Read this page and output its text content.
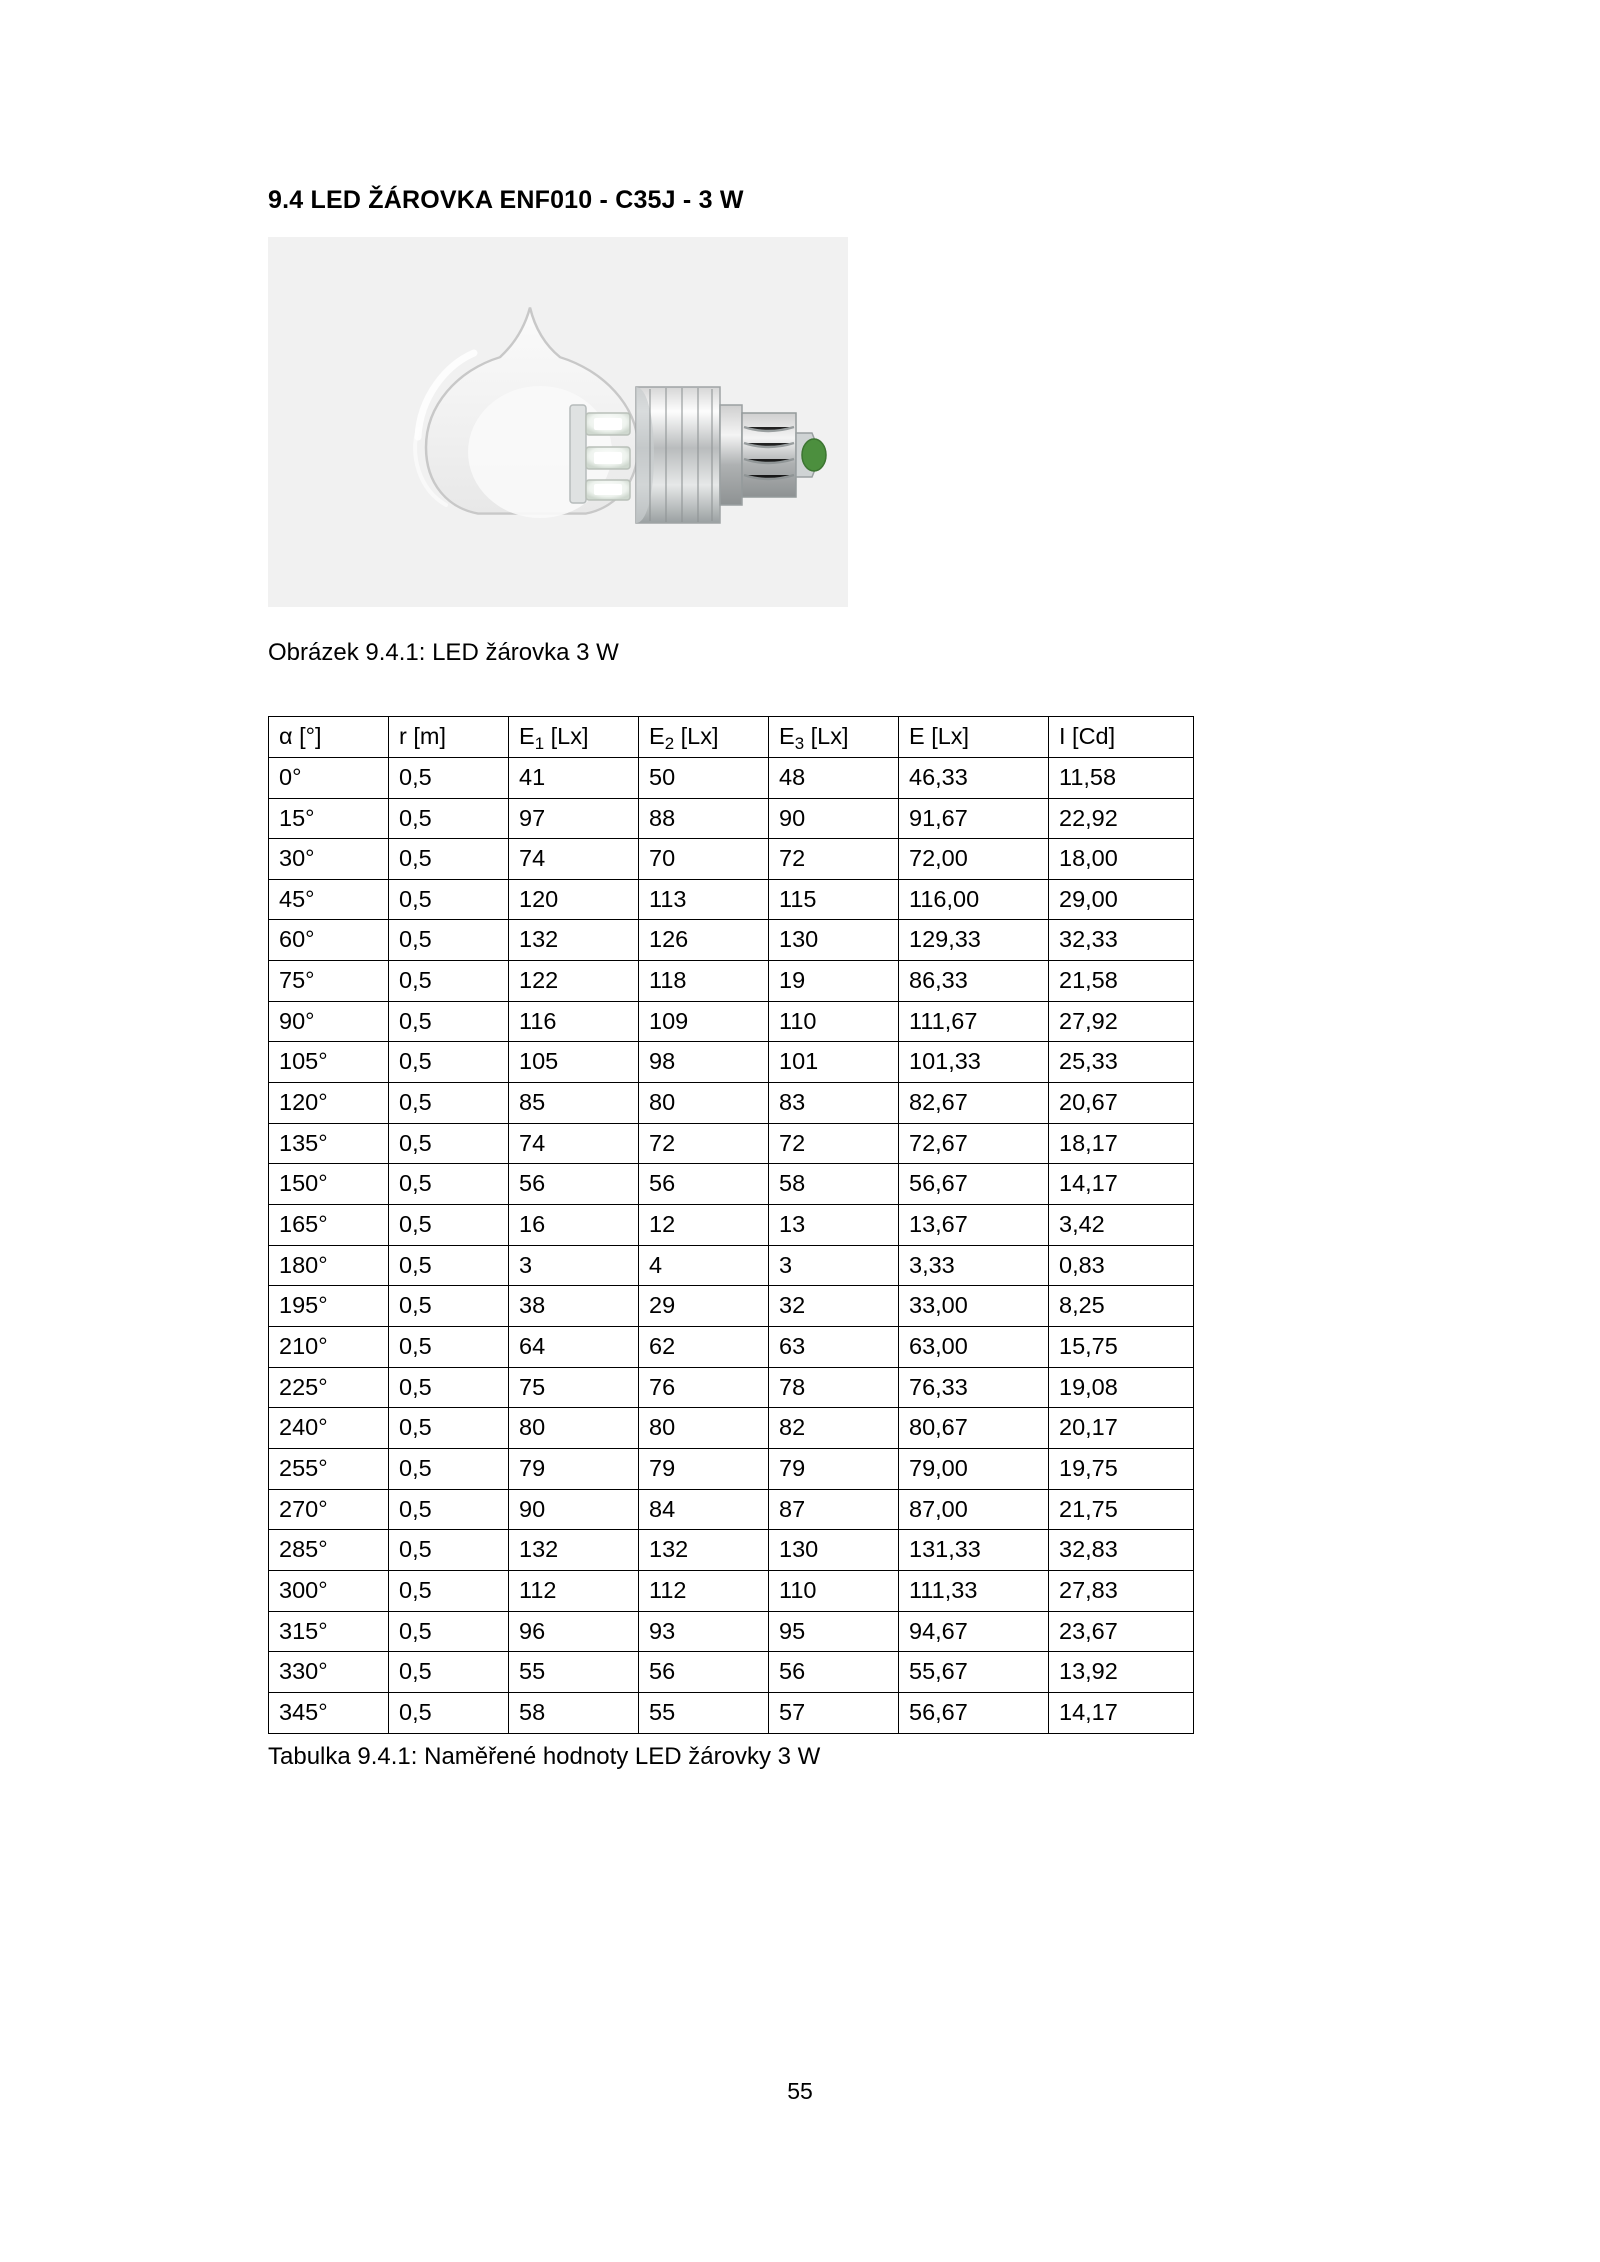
9.4 LED ŽÁROVKA ENF010 - C35J - 3 W

Obrázek 9.4.1: LED žárovka 3 W

α [°]	r [m]	$E_1$ [Lx]	$E_2$ [Lx]	$E_3$ [Lx]	E [Lx]	I [Cd]
0°	0,5	41	50	48	46,33	11,58
15°	0,5	97	88	90	91,67	22,92
30°	0,5	74	70	72	72,00	18,00
45°	0,5	120	113	115	116,00	29,00
60°	0,5	132	126	130	129,33	32,33
75°	0,5	122	118	19	86,33	21,58
90°	0,5	116	109	110	111,67	27,92
105°	0,5	105	98	101	101,33	25,33
120°	0,5	85	80	83	82,67	20,67
135°	0,5	74	72	72	72,67	18,17
150°	0,5	56	56	58	56,67	14,17
165°	0,5	16	12	13	13,67	3,42
180°	0,5	3	4	3	3,33	0,83
195°	0,5	38	29	32	33,00	8,25
210°	0,5	64	62	63	63,00	15,75
225°	0,5	75	76	78	76,33	19,08
240°	0,5	80	80	82	80,67	20,17
255°	0,5	79	79	79	79,00	19,75
270°	0,5	90	84	87	87,00	21,75
285°	0,5	132	132	130	131,33	32,83
300°	0,5	112	112	110	111,33	27,83
315°	0,5	96	93	95	94,67	23,67
330°	0,5	55	56	56	55,67	13,92
345°	0,5	58	55	57	56,67	14,17

Tabulka 9.4.1: Naměřené hodnoty LED žárovky 3 W

55
